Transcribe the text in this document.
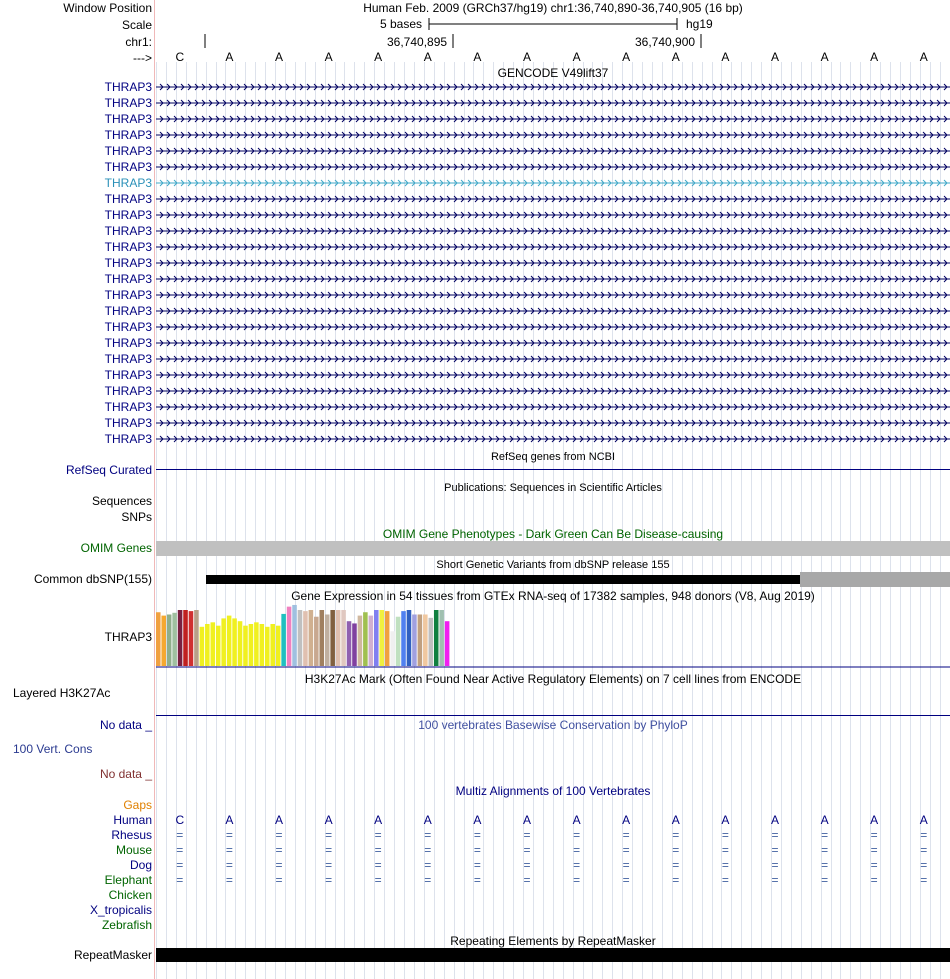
Window Position	Human Feb. 2009 (GRCh37/hg19) chr1:36,740,890-36,740,905 (16 bp)
Scale	5 bases	hg19
chr1:	36,740,895	36,740,900
--->	C	A	A	A	A	A	A	A	A	A	A	A	A	A	A	A
GENCODE V49lift37
THRAP3
THRAP3
THRAP3
THRAP3
THRAP3
THRAP3
THRAP3
THRAP3
THRAP3
THRAP3
THRAP3
THRAP3
THRAP3
THRAP3
THRAP3
THRAP3
THRAP3
THRAP3
THRAP3
THRAP3
THRAP3
THRAP3
THRAP3
RefSeq genes from NCBI
RefSeq Curated
Publications: Sequences in Scientific Articles
Sequences
SNPs
OMIM Gene Phenotypes - Dark Green Can Be Disease-causing
OMIM Genes
Short Genetic Variants from dbSNP release 155
Common dbSNP(155)
Gene Expression in 54 tissues from GTEx RNA-seq of 17382 samples, 948 donors (V8, Aug 2019)
THRAP3
H3K27Ac Mark (Often Found Near Active Regulatory Elements) on 7 cell lines from ENCODE
Layered H3K27Ac
No data _	100 vertebrates Basewise Conservation by PhyloP
100 Vert. Cons
No data _
Multiz Alignments of 100 Vertebrates
Gaps
Human	C	A	A	A	A	A	A	A	A	A	A	A	A	A	A	A
Rhesus	=	=	=	=	=	=	=	=	=	=	=	=	=	=	=	=
Mouse	=	=	=	=	=	=	=	=	=	=	=	=	=	=	=	=
Dog	=	=	=	=	=	=	=	=	=	=	=	=	=	=	=	=
Elephant	=	=	=	=	=	=	=	=	=	=	=	=	=	=	=	=
Chicken
X_tropicalis
Zebrafish
Repeating Elements by RepeatMasker
RepeatMasker
